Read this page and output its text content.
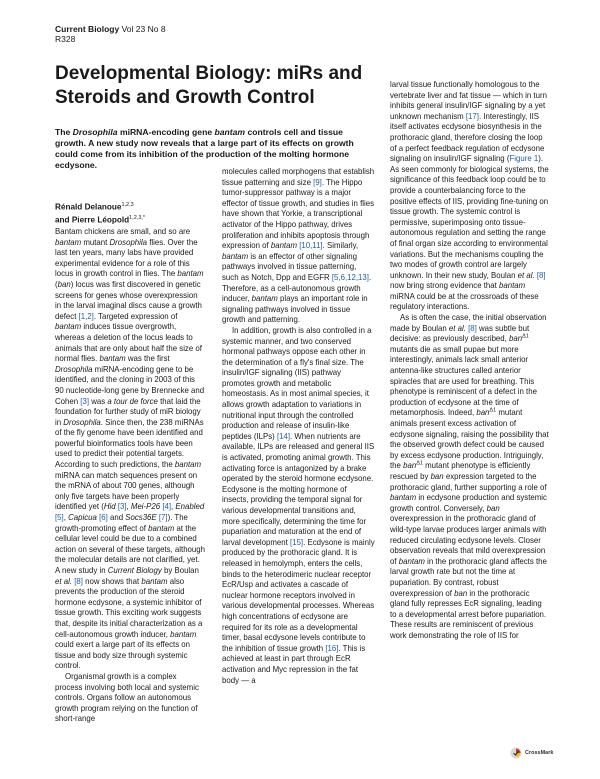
Current Biology Vol 23 No 8
R328
Developmental Biology: miRs and Steroids and Growth Control
The Drosophila miRNA-encoding gene bantam controls cell and tissue growth. A new study now reveals that a large part of its effects on growth could come from its inhibition of the production of the molting hormone ecdysone.
Rénald Delanoue$^{1,2,3}$
and Pierre Léopold$^{1,2,3,*}$

Bantam chickens are small, and so are bantam mutant Drosophila flies. Over the last ten years, many labs have provided experimental evidence for a role of this locus in growth control in flies. The bantam (ban) locus was first discovered in genetic screens for genes whose overexpression in the larval imaginal discs cause a growth defect [1,2]. Targeted expression of bantam induces tissue overgrowth, whereas a deletion of the locus leads to animals that are only about half the size of normal flies. bantam was the first Drosophila miRNA-encoding gene to be identified, and the cloning in 2003 of this 90 nucleotide-long gene by Brennecke and Cohen [3] was a tour de force that laid the foundation for further study of miR biology in Drosophila. Since then, the 238 miRNAs of the fly genome have been identified and powerful bioinformatics tools have been used to predict their potential targets. According to such predictions, the bantam miRNA can match sequences present on the mRNA of about 700 genes, although only five targets have been properly identified yet (Hid [3], Mei-P26 [4], Enabled [5], Capicua [6] and Socs36E [7]). The growth-promoting effect of bantam at the cellular level could be due to a combined action on several of these targets, although the molecular details are not clarified, yet. A new study in Current Biology by Boulan et al. [8] now shows that bantam also prevents the production of the steroid hormone ecdysone, a systemic inhibitor of tissue growth. This exciting work suggests that, despite its initial characterization as a cell-autonomous growth inducer, bantam could exert a large part of its effects on tissue and body size through systemic control.

Organismal growth is a complex process involving both local and systemic controls. Organs follow an autonomous growth program relying on the function of short-range

molecules called morphogens that establish tissue patterning and size [9]. The Hippo tumor-suppressor pathway is a major effector of tissue growth, and studies in flies have shown that Yorkie, a transcriptional activator of the Hippo pathway, drives proliferation and inhibits apoptosis through expression of bantam [10,11]. Similarly, bantam is an effector of other signaling pathways involved in tissue patterning, such as Notch, Dpp and EGFR [5,6,12,13]. Therefore, as a cell-autonomous growth inducer, bantam plays an important role in signaling pathways involved in tissue growth and patterning.

In addition, growth is also controlled in a systemic manner, and two conserved hormonal pathways oppose each other in the determination of a fly's final size. The insulin/IGF signaling (IIS) pathway promotes growth and metabolic homeostasis. As in most animal species, it allows growth adaptation to variations in nutritional input through the controlled production and release of insulin-like peptides (ILPs) [14]. When nutrients are available, ILPs are released and general IIS is activated, promoting animal growth. This activating force is antagonized by a brake operated by the steroid hormone ecdysone. Ecdysone is the molting hormone of insects, providing the temporal signal for various developmental transitions and, more specifically, determining the time for pupariation and maturation at the end of larval development [15]. Ecdysone is mainly produced by the prothoracic gland. It is released in hemolymph, enters the cells, binds to the heterodimeric nuclear receptor EcR/Usp and activates a cascade of nuclear hormone receptors involved in various developmental processes. Whereas high concentrations of ecdysone are required for its role as a developmental timer, basal ecdysone levels contribute to the inhibition of tissue growth [16]. This is achieved at least in part through EcR activation and Myc repression in the fat body — a

larval tissue functionally homologous to the vertebrate liver and fat tissue — which in turn inhibits general insulin/IGF signaling by a yet unknown mechanism [17]. Interestingly, IIS itself activates ecdysone biosynthesis in the prothoracic gland, therefore closing the loop of a perfect feedback regulation of ecdysone signaling on insulin/IGF signaling (Figure 1). As seen commonly for biological systems, the significance of this feedback loop could be to provide a counterbalancing force to the positive effects of IIS, providing fine-tuning on tissue growth. The systemic control is permissive, superimposing onto tissue-autonomous regulation and setting the range of final organ size according to environmental variations. But the mechanisms coupling the two modes of growth control are largely unknown. In their new study, Boulan et al. [8] now bring strong evidence that bantam miRNA could be at the crossroads of these regulatory interactions.

As is often the case, the initial observation made by Boulan et al. [8] was subtle but decisive: as previously described, ban$^{\Delta 1}$ mutants die as small pupae but more interestingly, animals lack small anterior antenna-like structures called anterior spiracles that are used for breathing. This phenotype is reminiscent of a defect in the production of ecdysone at the time of metamorphosis. Indeed, ban$^{\Delta 1}$ mutant animals present excess activation of ecdysone signaling, raising the possibility that the observed growth defect could be caused by excess ecdysone production. Intriguingly, the ban$^{\Delta 1}$ mutant phenotype is efficiently rescued by ban expression targeted to the prothoracic gland, further supporting a role of bantam in ecdysone production and systemic growth control. Conversely, ban overexpression in the prothoracic gland of wild-type larvae produces larger animals with reduced circulating ecdysone levels. Closer observation reveals that mild overexpression of bantam in the prothoracic gland affects the larval growth rate but not the time at pupariation. By contrast, robust overexpression of ban in the prothoracic gland fully represses EcR signaling, leading to a developmental arrest before pupariation. These results are reminiscent of previous work demonstrating the role of IIS for

CrossMark
